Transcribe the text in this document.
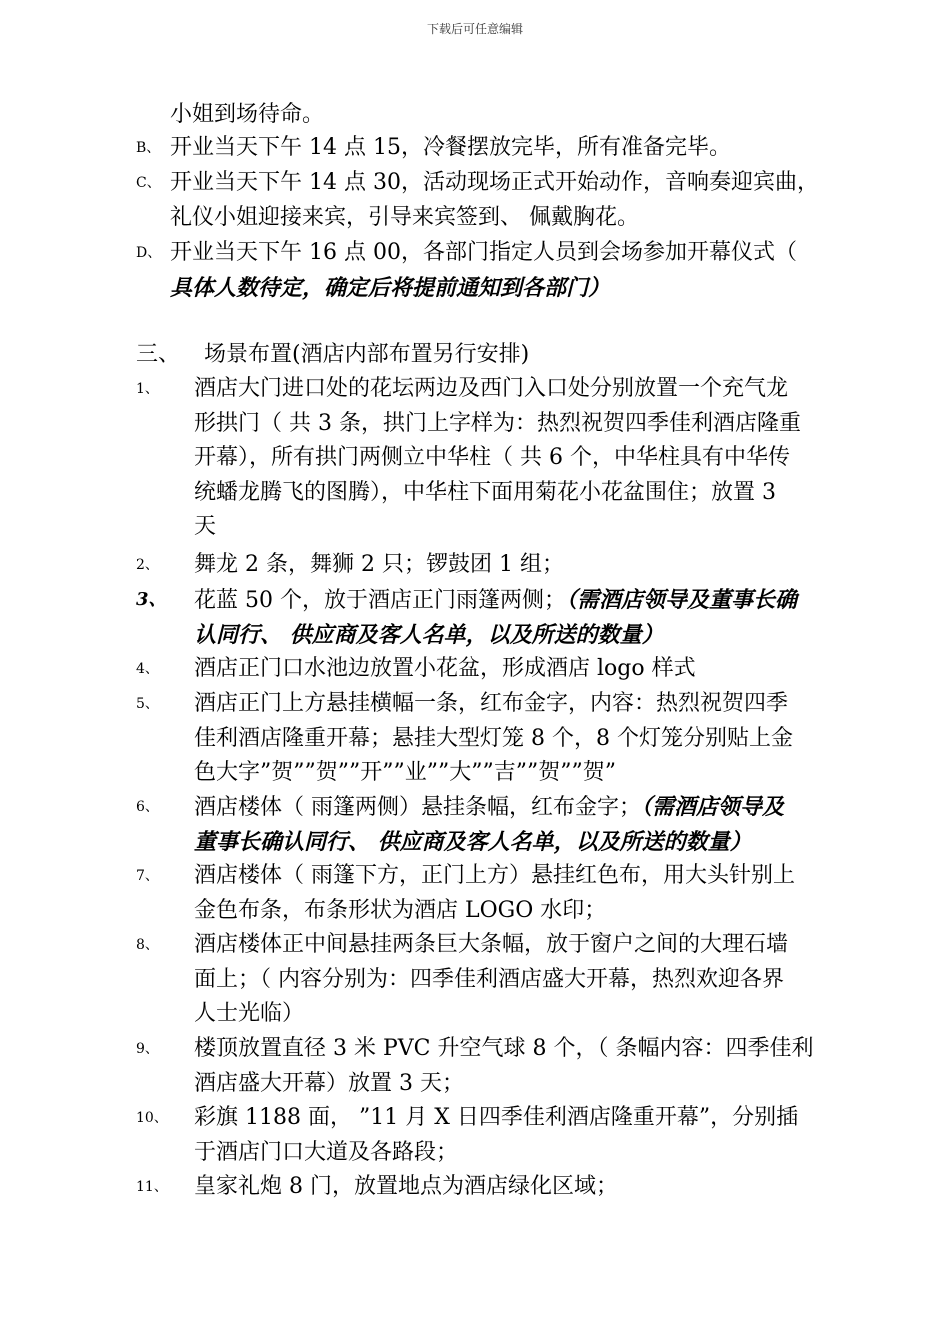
下载后可任意编辑
小姐到场待命。
B、 开业当天下午 14 点 15，冷餐摆放完毕，所有准备完毕。
C、 开业当天下午 14 点 30，活动现场正式开始动作，音响奏迎宾曲，
礼仪小姐迎接来宾，引导来宾签到、 佩戴胸花。
D、 开业当天下午 16 点 00，各部门指定人员到会场参加开幕仪式（
具体人数待定，确定后将提前通知到各部门）
三、 场景布置(酒店内部布置另行安排)
1、 酒店大门进口处的花坛两边及西门入口处分别放置一个充气龙
形拱门（ 共 3 条，拱门上字样为：热烈祝贺四季佳利酒店隆重
开幕），所有拱门两侧立中华柱（ 共 6 个，中华柱具有中华传
统蟠龙腾飞的图腾），中华柱下面用菊花小花盆围住；放置 3
天
2、 舞龙 2 条，舞狮 2 只；锣鼓团 1 组；
3、 花蓝 50 个，放于酒店正门雨篷两侧；（需酒店领导及董事长确
认同行、 供应商及客人名单，以及所送的数量）
4、 酒店正门口水池边放置小花盆，形成酒店 logo 样式
5、 酒店正门上方悬挂横幅一条，红布金字，内容：热烈祝贺四季
佳利酒店隆重开幕；悬挂大型灯笼 8 个，8 个灯笼分别贴上金
色大字”贺””贺””开””业””大””吉””贺””贺”
6、 酒店楼体（ 雨篷两侧）悬挂条幅，红布金字；（需酒店领导及
董事长确认同行、 供应商及客人名单，以及所送的数量）
7、 酒店楼体（ 雨篷下方，正门上方）悬挂红色布，用大头针别上
金色布条，布条形状为酒店 LOGO 水印；
8、 酒店楼体正中间悬挂两条巨大条幅，放于窗户之间的大理石墙
面上；（ 内容分别为：四季佳利酒店盛大开幕，热烈欢迎各界
人士光临）
9、 楼顶放置直径 3 米 PVC 升空气球 8 个，（ 条幅内容：四季佳利
酒店盛大开幕）放置 3 天；
10、 彩旗 1188 面， ”11 月 X 日四季佳利酒店隆重开幕”，分别插
于酒店门口大道及各路段；
11、 皇家礼炮 8 门，放置地点为酒店绿化区域；
